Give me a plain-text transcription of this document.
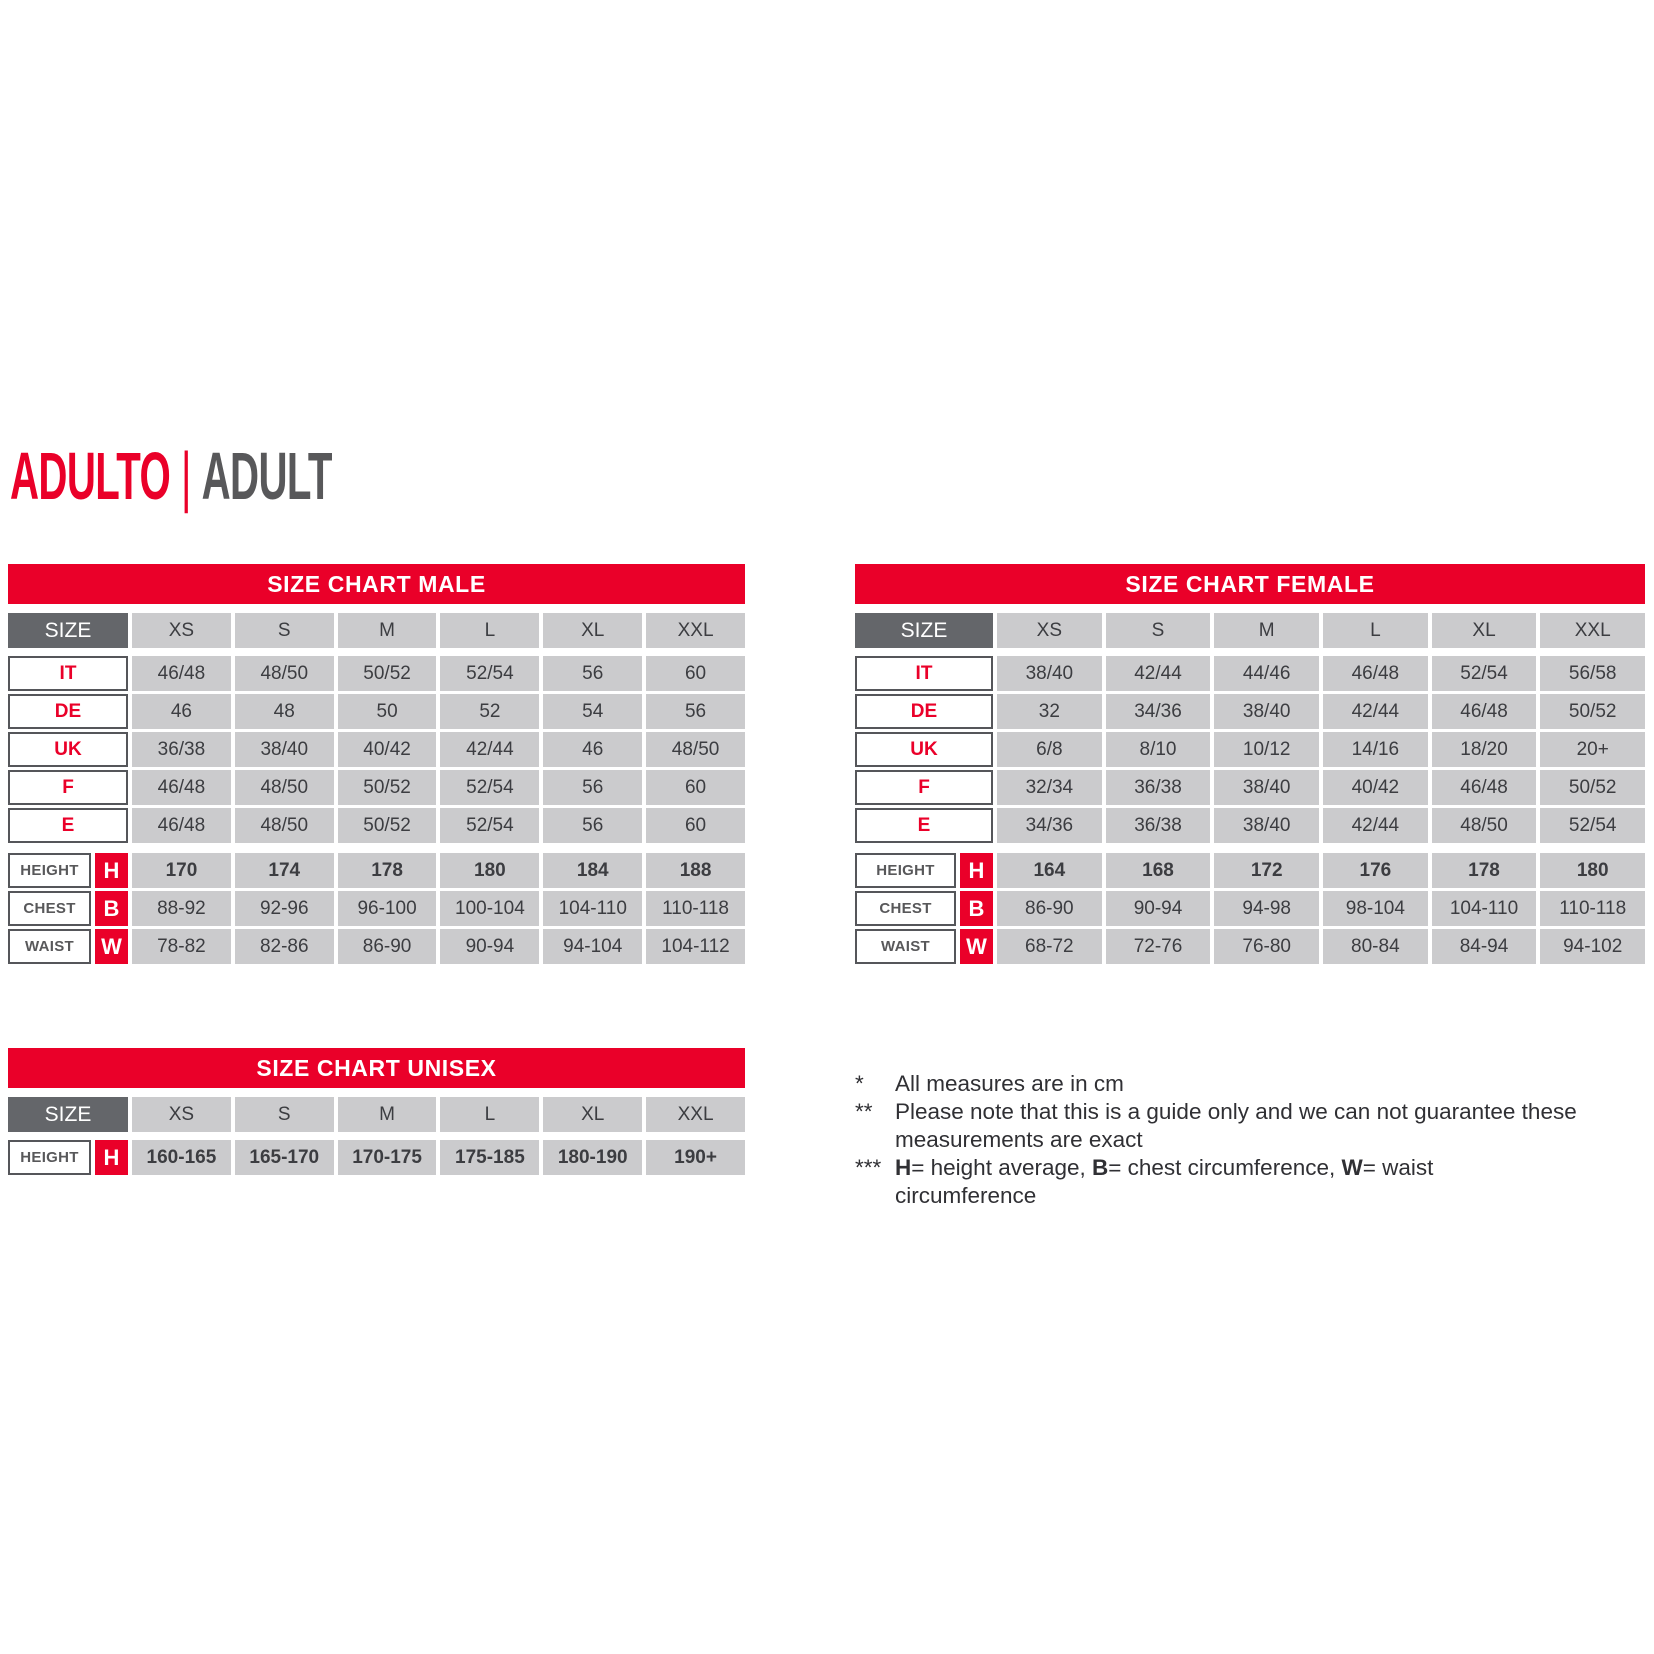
ADULTO | ADULT
SIZE CHART MALE
SIZE	XS	S	M	L	XL	XXL
IT	46/48	48/50	50/52	52/54	56	60
DE	46	48	50	52	54	56
UK	36/38	38/40	40/42	42/44	46	48/50
F	46/48	48/50	50/52	52/54	56	60
E	46/48	48/50	50/52	52/54	56	60
HEIGHT	H	170	174	178	180	184	188
CHEST	B	88-92	92-96	96-100	100-104	104-110	110-118
WAIST	W	78-82	82-86	86-90	90-94	94-104	104-112
SIZE CHART FEMALE
SIZE	XS	S	M	L	XL	XXL
IT	38/40	42/44	44/46	46/48	52/54	56/58
DE	32	34/36	38/40	42/44	46/48	50/52
UK	6/8	8/10	10/12	14/16	18/20	20+
F	32/34	36/38	38/40	40/42	46/48	50/52
E	34/36	36/38	38/40	42/44	48/50	52/54
HEIGHT	H	164	168	172	176	178	180
CHEST	B	86-90	90-94	94-98	98-104	104-110	110-118
WAIST	W	68-72	72-76	76-80	80-84	84-94	94-102
SIZE CHART UNISEX
SIZE	XS	S	M	L	XL	XXL
HEIGHT	H	160-165	165-170	170-175	175-185	180-190	190+
*	All measures are in cm
** Please note that this is a guide only and we can not guarantee these measurements are exact
*** H= height average, B= chest circumference, W= waist circumference
